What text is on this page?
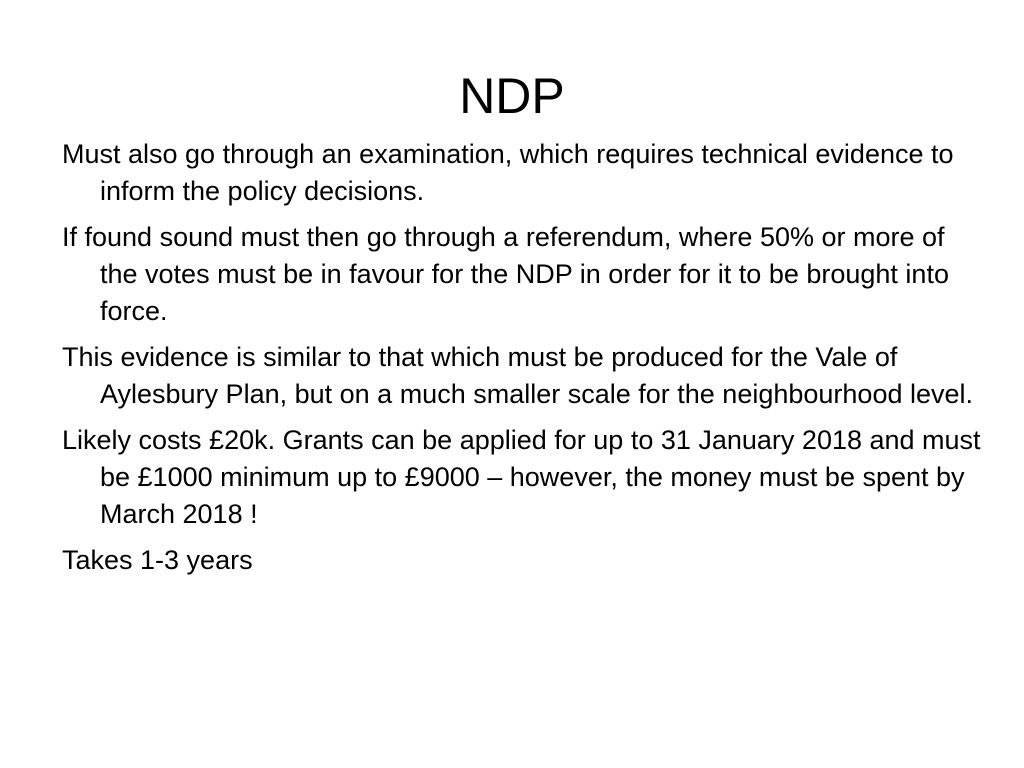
NDP
Must also go through an examination, which requires technical evidence to inform the policy decisions.
If found sound must then go through a referendum, where 50% or more of the votes must be in favour for the NDP in order for it to be brought into force.
This evidence is similar to that which must be produced for the Vale of Aylesbury Plan, but on a much smaller scale for the neighbourhood level.
Likely costs £20k. Grants can be applied for up to 31 January 2018 and must be £1000 minimum up to £9000 – however, the money must be spent by March 2018 !
Takes 1-3 years
